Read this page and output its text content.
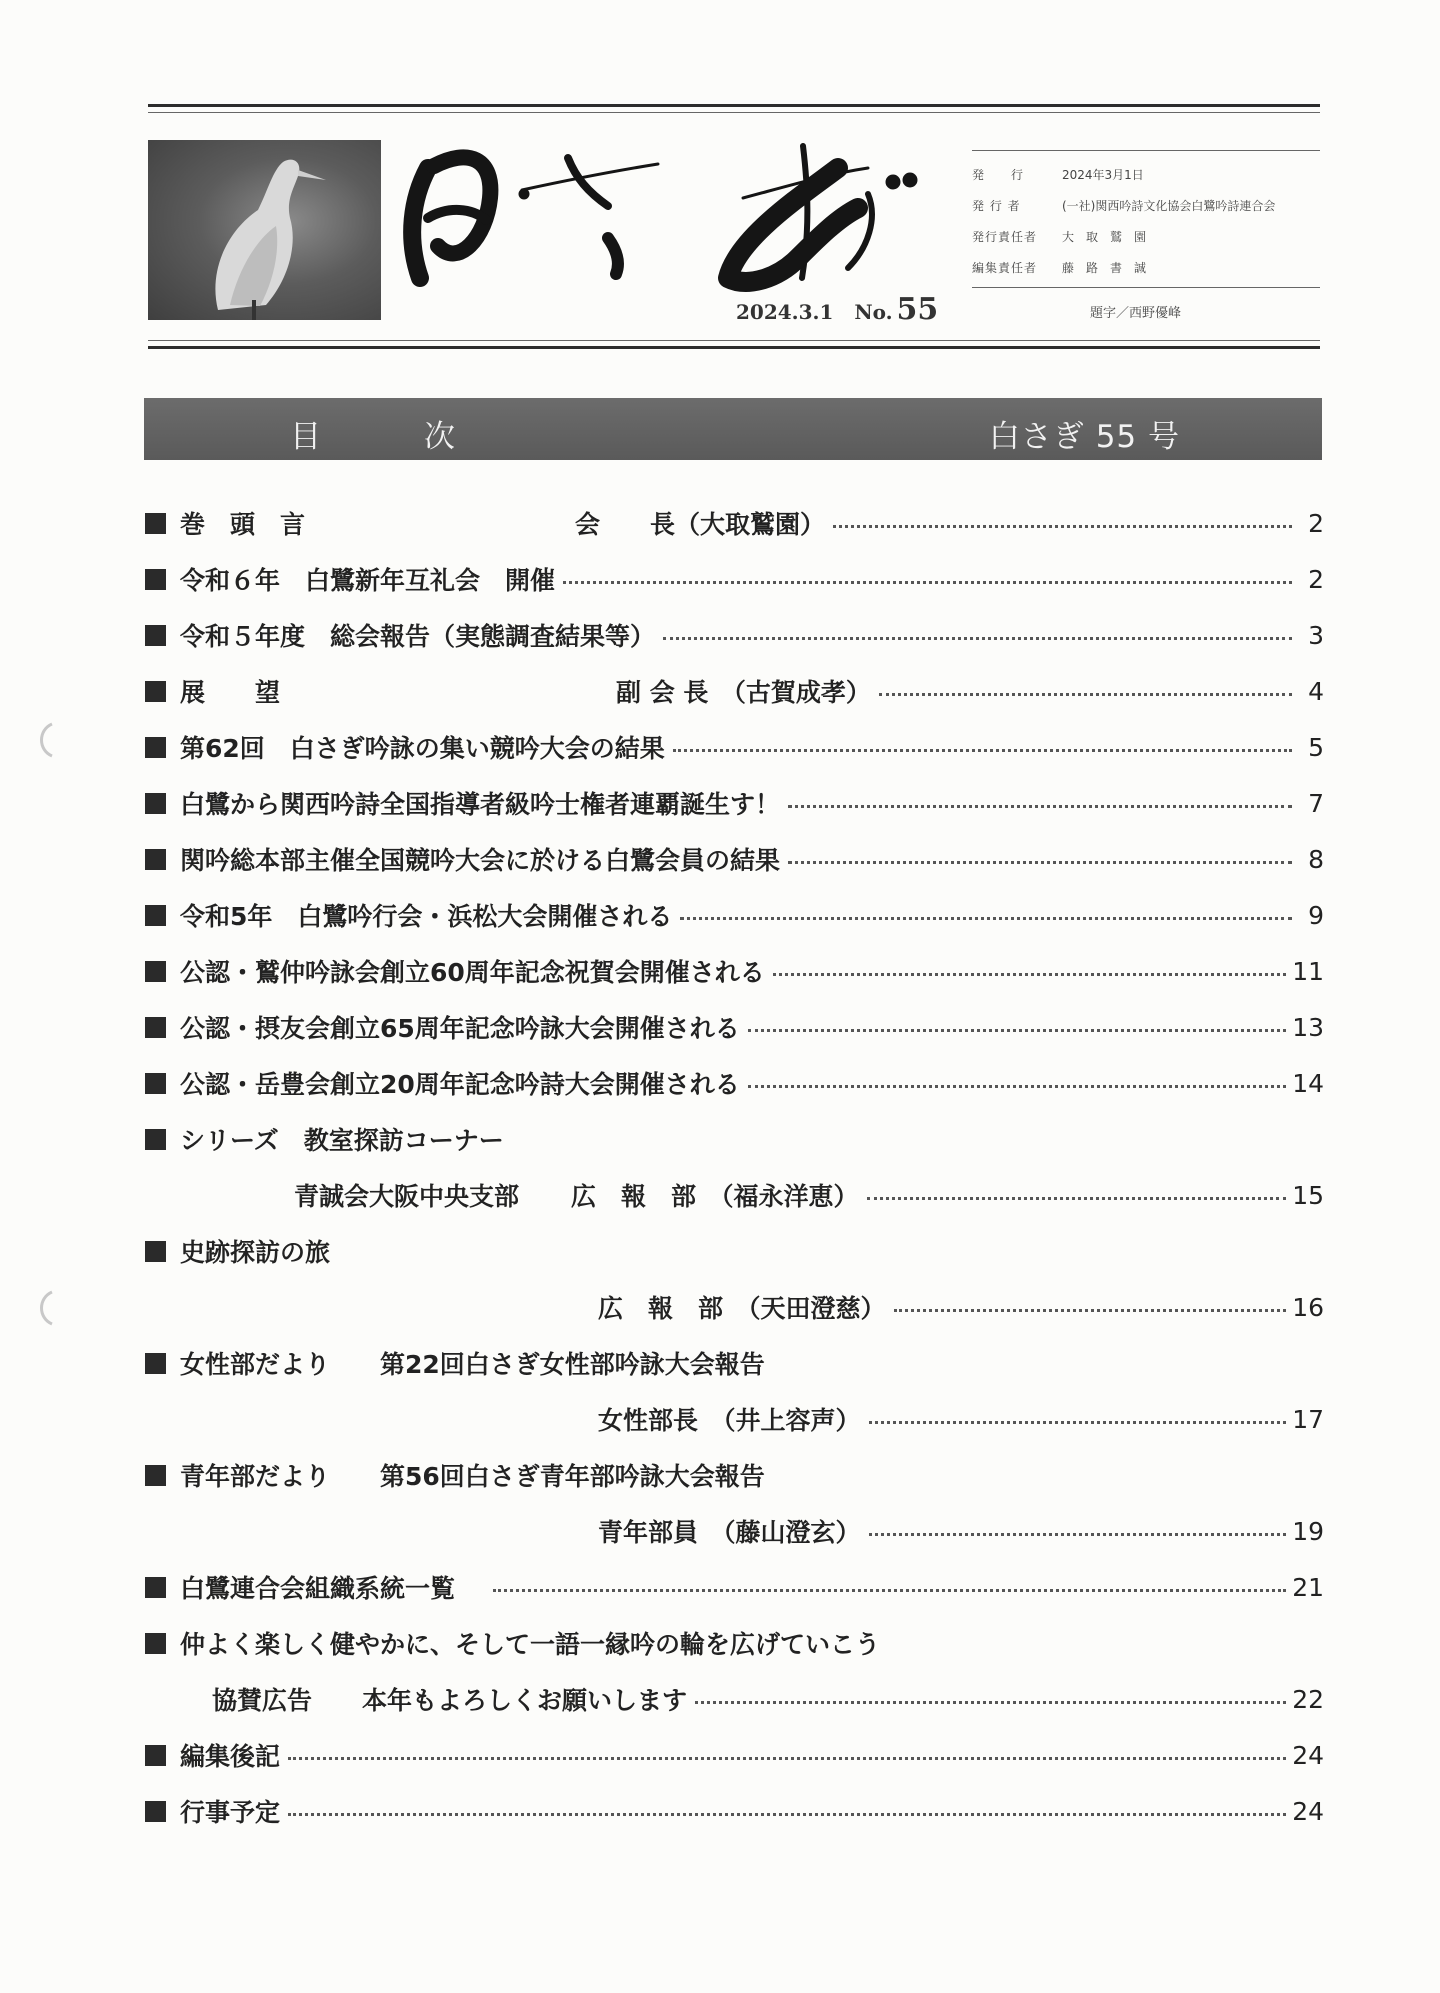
2024.3.1 No. 55
発　　行	2024年3月1日
発 行 者	(一社)関西吟詩文化協会白鷺吟詩連合会
発行責任者	大　取　鷲　園
編集責任者	藤　路　書　誠
題字／西野優峰
目	次	白さぎ 55 号
巻　頭　言	会　　長（大取鷲園）	2
令和６年　白鷺新年互礼会　開催	2
令和５年度　総会報告（実態調査結果等）	3
展　　望	副 会 長　（古賀成孝）	4
第62回　白さぎ吟詠の集い競吟大会の結果	5
白鷺から関西吟詩全国指導者級吟士権者連覇誕生す！	7
関吟総本部主催全国競吟大会に於ける白鷺会員の結果	8
令和5年　白鷺吟行会・浜松大会開催される	9
公認・鷲仲吟詠会創立60周年記念祝賀会開催される	11
公認・摂友会創立65周年記念吟詠大会開催される	13
公認・岳豊会創立20周年記念吟詩大会開催される	14
シリーズ　教室探訪コーナー
青誠会大阪中央支部 広　報　部　（福永洋恵）	15
史跡探訪の旅
広　報　部　（天田澄慈）	16
女性部だより　　第22回白さぎ女性部吟詠大会報告
女性部長　（井上容声）	17
青年部だより　　第56回白さぎ青年部吟詠大会報告
青年部員　（藤山澄玄）	19
白鷺連合会組織系統一覧	21
仲よく楽しく健やかに、そして一語一縁吟の輪を広げていこう
協賛広告 本年もよろしくお願いします	22
編集後記	24
行事予定	24
